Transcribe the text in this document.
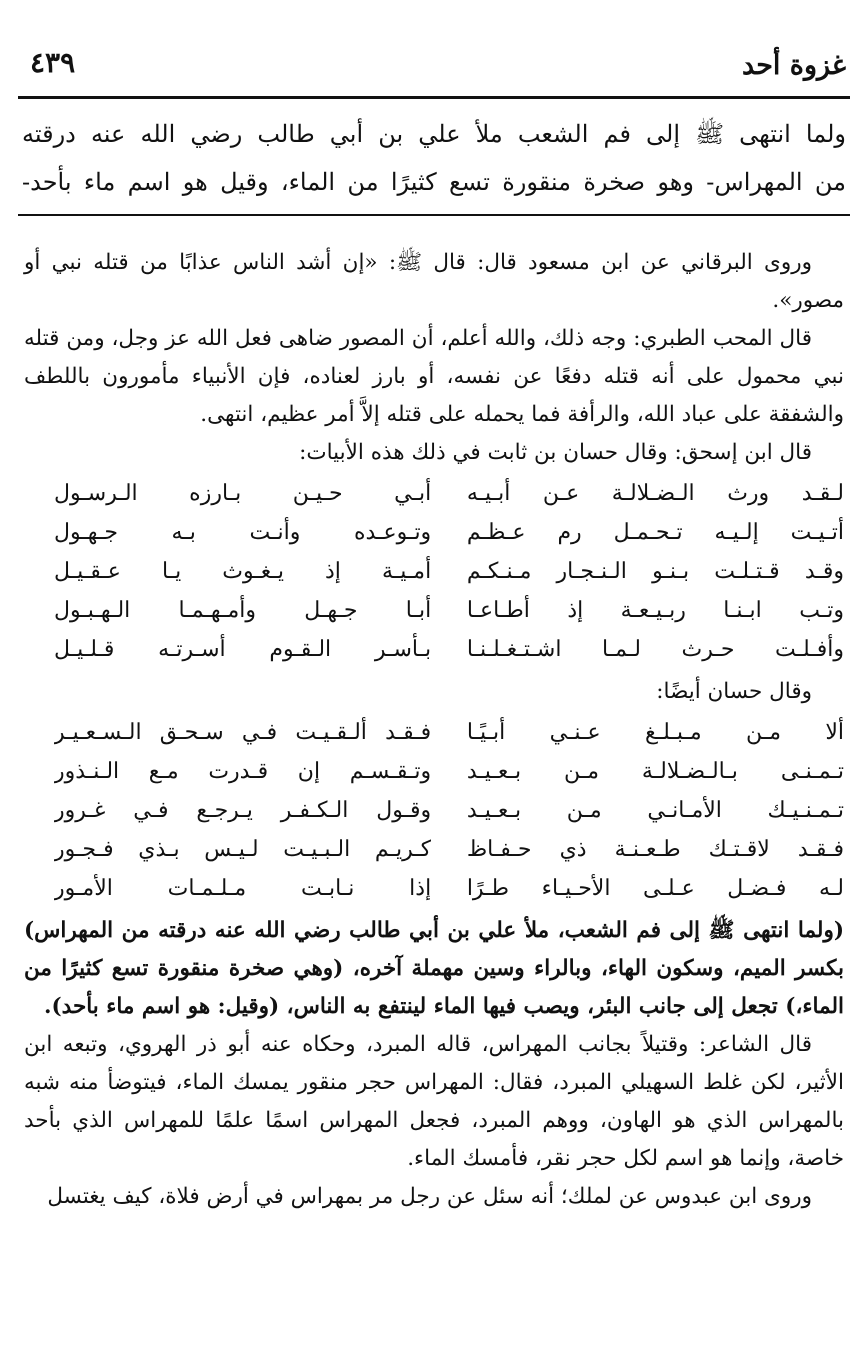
غزوة أحد
٤٣٩

ولما انتهى ﷺ إلى فم الشعب ملأ علي بن أبي طالب رضي الله عنه درقته

من المهراس- وهو صخرة منقورة تسع كثيرًا من الماء، وقيل هو اسم ماء بأحد-

وروى البرقاني عن ابن مسعود قال: قال ﷺ: «إن أشد الناس عذابًا من قتله نبي أو مصور».

قال المحب الطبري: وجه ذلك، والله أعلم، أن المصور ضاهى فعل الله عز وجل، ومن قتله نبي محمول على أنه قتله دفعًا عن نفسه، أو بارز لعناده، فإن الأنبياء مأمورون باللطف والشفقة على عباد الله، والرأفة فما يحمله على قتله إلاَّ أمر عظيم، انتهى.

قال ابن إسحق: وقال حسان بن ثابت في ذلك هذه الأبيات:

لـقـد ورث الـضـلالـة عـن أبـيـه
أبـي حـيـن بـارزه الـرسـول
أتـيـت إلـيـه تـحـمـل رم عـظـم
وتـوعـده وأنـت بـه جـهـول
وقـد قـتـلـت بـنـو الـنـجـار مـنـكـم
أمـيـة إذ يـغـوث يـا عـقـيـل
وتـب ابـنـا ربـيـعـة إذ أطـاعـا
أبـا جـهـل وأمـهـمـا الـهـبـول
وأفـلـت حـرث لـمـا اشـتـغـلـنـا
بـأسـر الـقـوم أسـرتـه قـلـيـل

وقال حسان أيضًا:

ألا مـن مـبـلـغ عـنـي أبـيًـا
فـقـد ألـقـيـت فـي سـحـق الـسـعـيـر
تـمـنـى بـالـضـلالـة مـن بـعـيـد
وتـقـسـم إن قـدرت مـع الـنـذور
تـمـنـيـك الأمـانـي مـن بـعـيـد
وقـول الـكـفـر يـرجـع فـي غـرور
فـقـد لاقـتـك طـعـنـة ذي حـفـاظ
كـريـم الـبـيـت لـيـس بـذي فـجـور
لـه فـضـل عـلـى الأحـيـاء طـرًا
إذا نـابـت مـلـمـات الأمـور

(ولما انتهى ﷺ إلى فم الشعب، ملأ علي بن أبي طالب رضي الله عنه درقته من المهراس) بكسر الميم، وسكون الهاء، وبالراء وسين مهملة آخره، (وهي صخرة منقورة تسع كثيرًا من الماء،) تجعل إلى جانب البئر، ويصب فيها الماء لينتفع به الناس، (وقيل: هو اسم ماء بأحد).

قال الشاعر: وقتيلاً بجانب المهراس، قاله المبرد، وحكاه عنه أبو ذر الهروي، وتبعه ابن الأثير، لكن غلط السهيلي المبرد، فقال: المهراس حجر منقور يمسك الماء، فيتوضأ منه شبه بالمهراس الذي هو الهاون، ووهم المبرد، فجعل المهراس اسمًا علمًا للمهراس الذي بأحد خاصة، وإنما هو اسم لكل حجر نقر، فأمسك الماء.

وروى ابن عبدوس عن لملك؛ أنه سئل عن رجل مر بمهراس في أرض فلاة، كيف يغتسل
